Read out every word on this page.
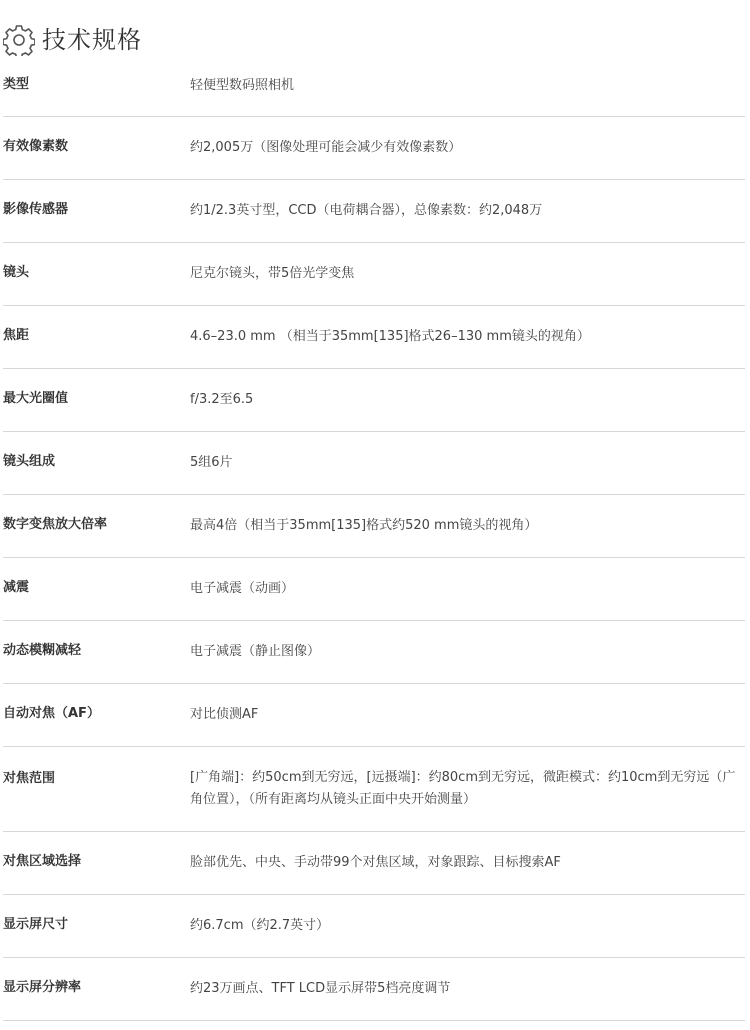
技术规格
类型	轻便型数码照相机
有效像素数	约2,005万（图像处理可能会减少有效像素数）
影像传感器	约1/2.3英寸型，CCD（电荷耦合器），总像素数：约2,048万
镜头	尼克尔镜头，带5倍光学变焦
焦距	4.6–23.0 mm （相当于35mm[135]格式26–130 mm镜头的视角）
最大光圈值	f/3.2至6.5
镜头组成	5组6片
数字变焦放大倍率	最高4倍（相当于35mm[135]格式约520 mm镜头的视角）
减震	电子减震（动画）
动态模糊减轻	电子减震（静止图像）
自动对焦（AF）	对比侦测AF
对焦范围	[广角端]：约50cm到无穷远，[远摄端]：约80cm到无穷远，微距模式：约10cm到无穷远（广角位置），（所有距离均从镜头正面中央开始测量）
对焦区域选择	脸部优先、中央、手动带99个对焦区域，对象跟踪、目标搜索AF
显示屏尺寸	约6.7cm（约2.7英寸）
显示屏分辨率	约23万画点、TFT LCD显示屏带5档亮度调节
